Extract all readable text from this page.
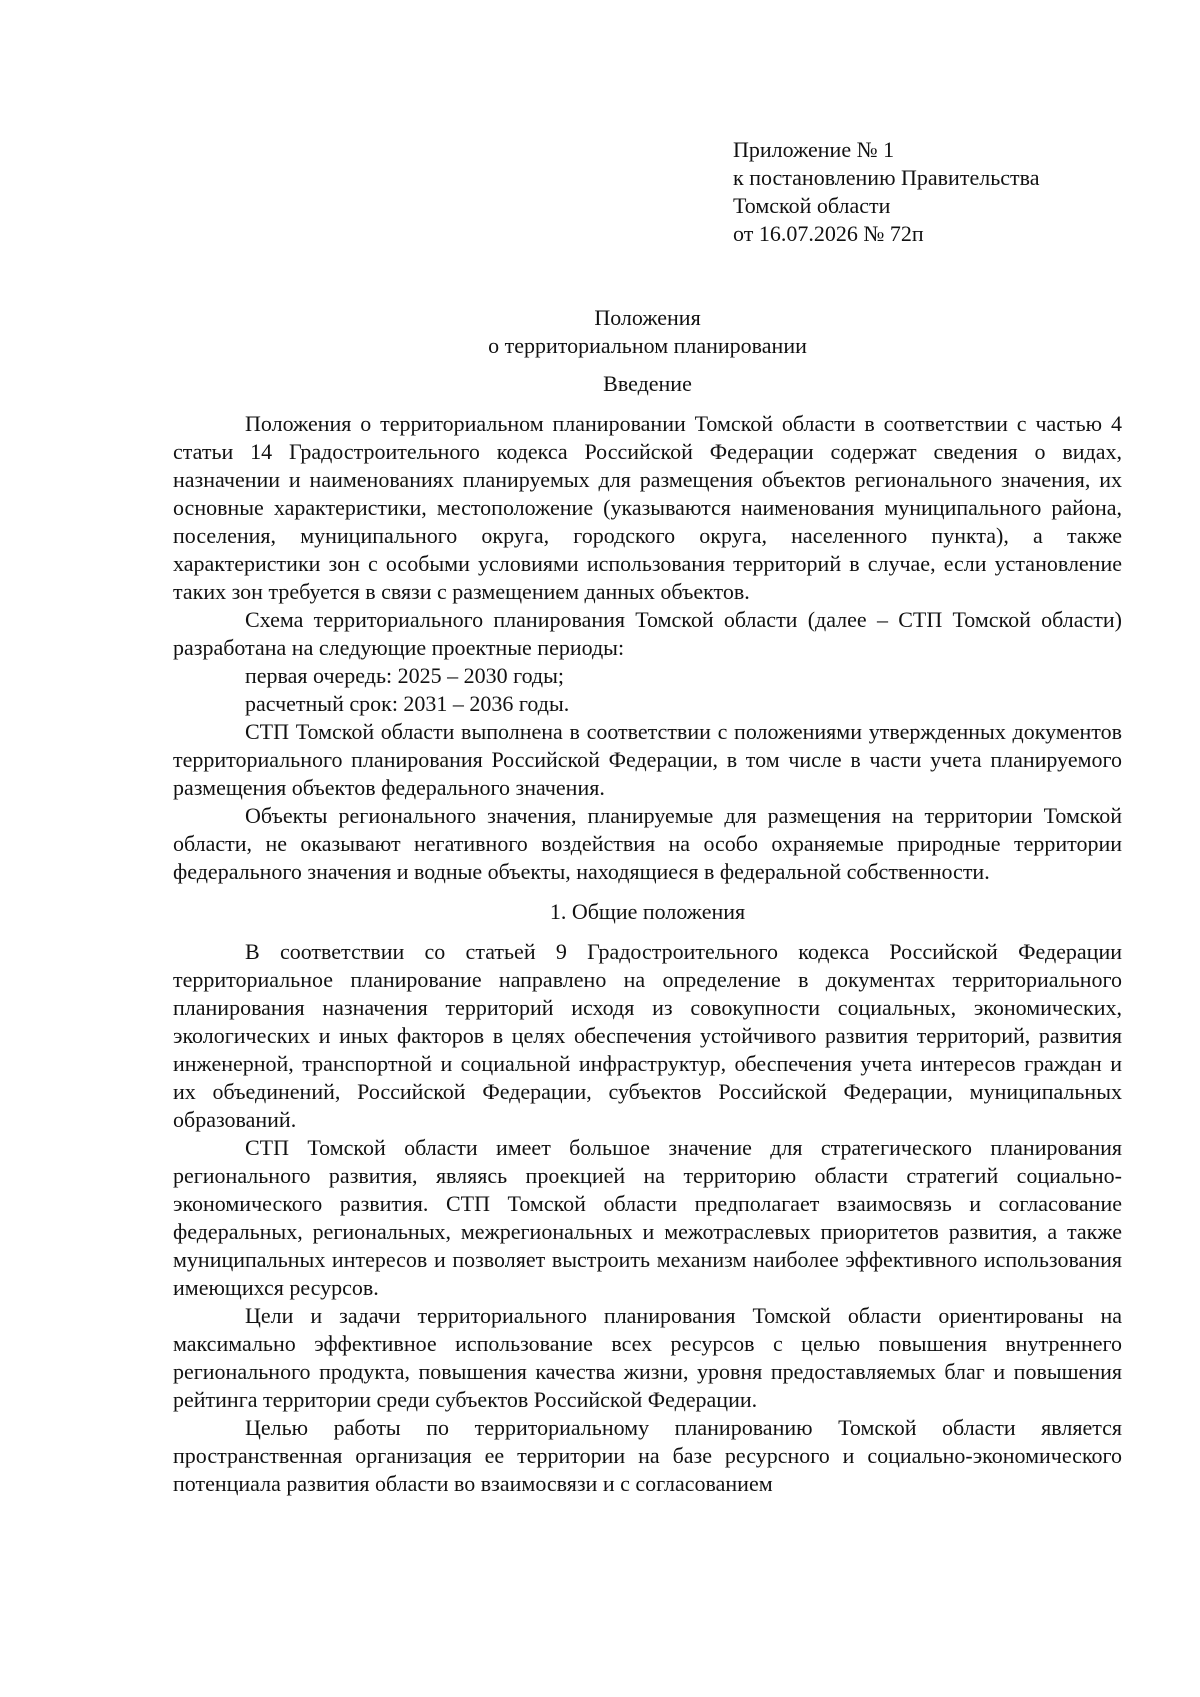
Приложение № 1
к постановлению Правительства
Томской области
от 16.07.2026 № 72п

Положения

о территориальном планировании

Введение

Положения о территориальном планировании Томской области в соответствии с частью 4 статьи 14 Градостроительного кодекса Российской Федерации содержат сведения о видах, назначении и наименованиях планируемых для размещения объектов регионального значения, их основные характеристики, местоположение (указываются наименования муниципального района, поселения, муниципального округа, городского округа, населенного пункта), а также характеристики зон с особыми условиями использования территорий в случае, если установление таких зон требуется в связи с размещением данных объектов.

Схема территориального планирования Томской области (далее – СТП Томской области) разработана на следующие проектные периоды:

первая очередь: 2025 – 2030 годы;

расчетный срок: 2031 – 2036 годы.

СТП Томской области выполнена в соответствии с положениями утвержденных документов территориального планирования Российской Федерации, в том числе в части учета планируемого размещения объектов федерального значения.

Объекты регионального значения, планируемые для размещения на территории Томской области, не оказывают негативного воздействия на особо охраняемые природные территории федерального значения и водные объекты, находящиеся в федеральной собственности.

1. Общие положения

В соответствии со статьей 9 Градостроительного кодекса Российской Федерации территориальное планирование направлено на определение в документах территориального планирования назначения территорий исходя из совокупности социальных, экономических, экологических и иных факторов в целях обеспечения устойчивого развития территорий, развития инженерной, транспортной и социальной инфраструктур, обеспечения учета интересов граждан и их объединений, Российской Федерации, субъектов Российской Федерации, муниципальных образований.

СТП Томской области имеет большое значение для стратегического планирования регионального развития, являясь проекцией на территорию области стратегий социально-экономического развития. СТП Томской области предполагает взаимосвязь и согласование федеральных, региональных, межрегиональных и межотраслевых приоритетов развития, а также муниципальных интересов и позволяет выстроить механизм наиболее эффективного использования имеющихся ресурсов.

Цели и задачи территориального планирования Томской области ориентированы на максимально эффективное использование всех ресурсов с целью повышения внутреннего регионального продукта, повышения качества жизни, уровня предоставляемых благ и повышения рейтинга территории среди субъектов Российской Федерации.

Целью работы по территориальному планированию Томской области является пространственная организация ее территории на базе ресурсного и социально-экономического потенциала развития области во взаимосвязи и с согласованием
